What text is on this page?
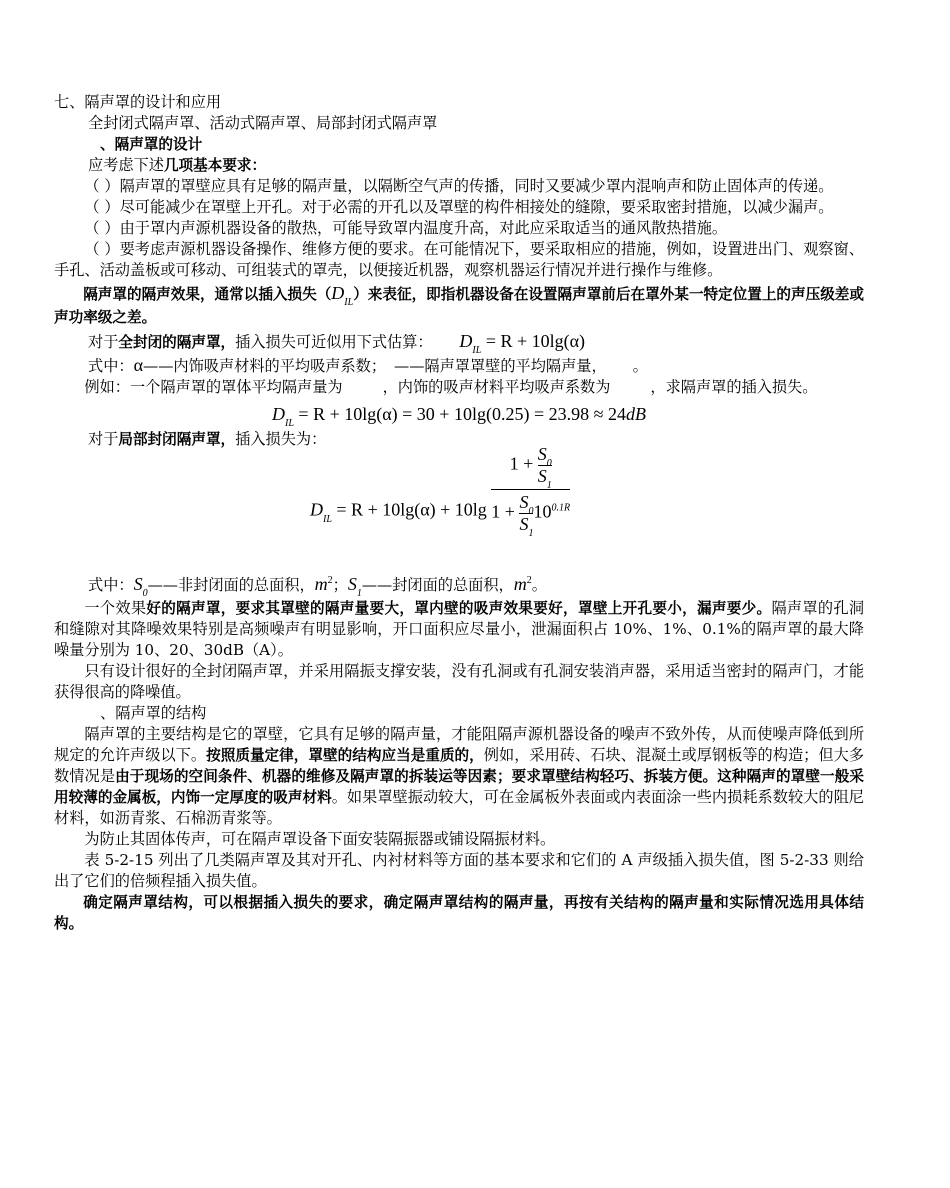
七、隔声罩的设计和应用
全封闭式隔声罩、活动式隔声罩、局部封闭式隔声罩
、隔声罩的设计
应考虑下述几项基本要求：
（ ）隔声罩的罩壁应具有足够的隔声量，以隔断空气声的传播，同时又要减少罩内混响声和防止固体声的传递。
（ ）尽可能减少在罩壁上开孔。对于必需的开孔以及罩壁的构件相接处的缝隙，要采取密封措施，以减少漏声。
（ ）由于罩内声源机器设备的散热，可能导致罩内温度升高，对此应采取适当的通风散热措施。
（ ）要考虑声源机器设备操作、维修方便的要求。在可能情况下，要采取相应的措施，例如，设置进出门、观察窗、手孔、活动盖板或可移动、可组装式的罩壳，以便接近机器，观察机器运行情况并进行操作与维修。
隔声罩的隔声效果，通常以插入损失$(D_{IL})$来表征，即指机器设备在设置隔声罩前后在罩外某一特定位置上的声压级差或声功率级之差。
对于全封闭的隔声罩，插入损失可近似用下式估算： $D_{IL} = R + 10\lg(\alpha)$
式中：α——内饰吸声材料的平均吸声系数； ——隔声罩罩壁的平均隔声量， 。
例如：一个隔声罩的罩体平均隔声量为	，内饰的吸声材料平均吸声系数为	，求隔声罩的插入损失。
$D_{IL} = R + 10\lg(\alpha) = 30 + 10\lg(0.25) = 23.98 \approx 24dB$
对于局部封闭隔声罩，插入损失为：
$D_{IL} = R + 10\lg(\alpha) + 10\lg \frac{1 + \frac{S_0}{S_1}}{1 + \frac{S_0}{S_1} 10^{0.1R}}$
式中：$S_0——$非封闭面的总面积，$m^2$；$S_1——$封闭面的总面积，$m^2$。
一个效果好的隔声罩，要求其罩壁的隔声量要大，罩内壁的吸声效果要好，罩壁上开孔要小，漏声要少。隔声罩的孔洞和缝隙对其降噪效果特别是高频噪声有明显影响，开口面积应尽量小，泄漏面积占 10%、1%、0.1%的隔声罩的最大降噪量分别为 10、20、30dB（A）。
只有设计很好的全封闭隔声罩，并采用隔振支撑安装，没有孔洞或有孔洞安装消声器，采用适当密封的隔声门，才能获得很高的降噪值。
、隔声罩的结构
隔声罩的主要结构是它的罩壁，它具有足够的隔声量，才能阻隔声源机器设备的噪声不致外传，从而使噪声降低到所规定的允许声级以下。按照质量定律，罩壁的结构应当是重质的，例如，采用砖、石块、混凝土或厚钢板等的构造；但大多数情况是由于现场的空间条件、机器的维修及隔声罩的拆装运等因素；要求罩壁结构轻巧、拆装方便。这种隔声的罩壁一般采用较薄的金属板，内饰一定厚度的吸声材料。如果罩壁振动较大，可在金属板外表面或内表面涂一些内损耗系数较大的阻尼材料，如沥青浆、石棉沥青浆等。
为防止其固体传声，可在隔声罩设备下面安装隔振器或铺设隔振材料。
表 5-2-15 列出了几类隔声罩及其对开孔、内衬材料等方面的基本要求和它们的 A 声级插入损失值，图 5-2-33 则给出了它们的倍频程插入损失值。
确定隔声罩结构，可以根据插入损失的要求，确定隔声罩结构的隔声量，再按有关结构的隔声量和实际情况选用具体结构。
